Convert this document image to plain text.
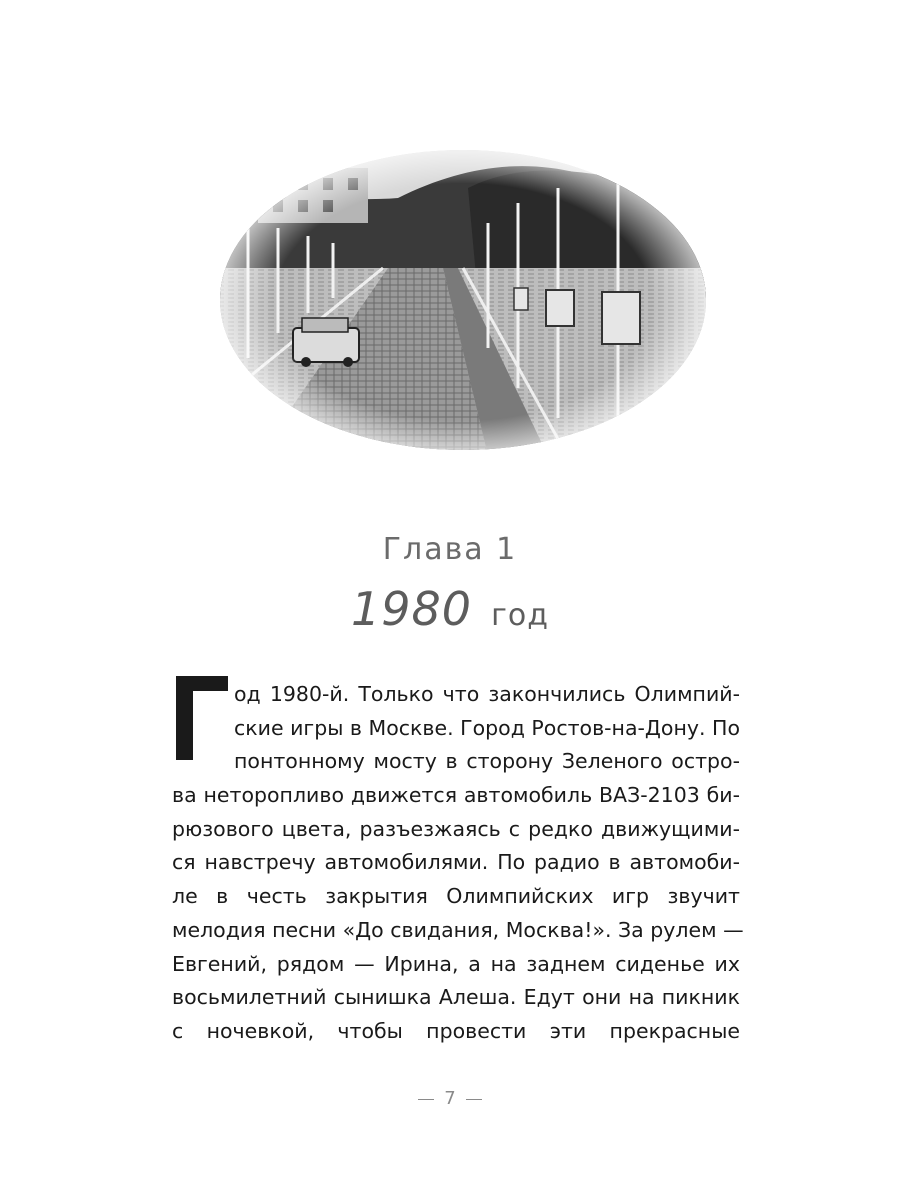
Глава 1
1980 год
од 1980-й. Только что закончились Олимпий-
ские игры в Москве. Город Ростов-на-Дону. По
понтонному мосту в сторону Зеленого остро-
ва неторопливо движется автомобиль ВАЗ-2103 би-
рюзового цвета, разъезжаясь с редко движущими-
ся навстречу автомобилями. По радио в автомоби-
ле в честь закрытия Олимпийских игр звучит
мелодия песни «До свидания, Москва!». За рулем —
Евгений, рядом — Ирина, а на заднем сиденье их
восьмилетний сынишка Алеша. Едут они на пикник
с ночевкой, чтобы провести эти прекрасные
7
